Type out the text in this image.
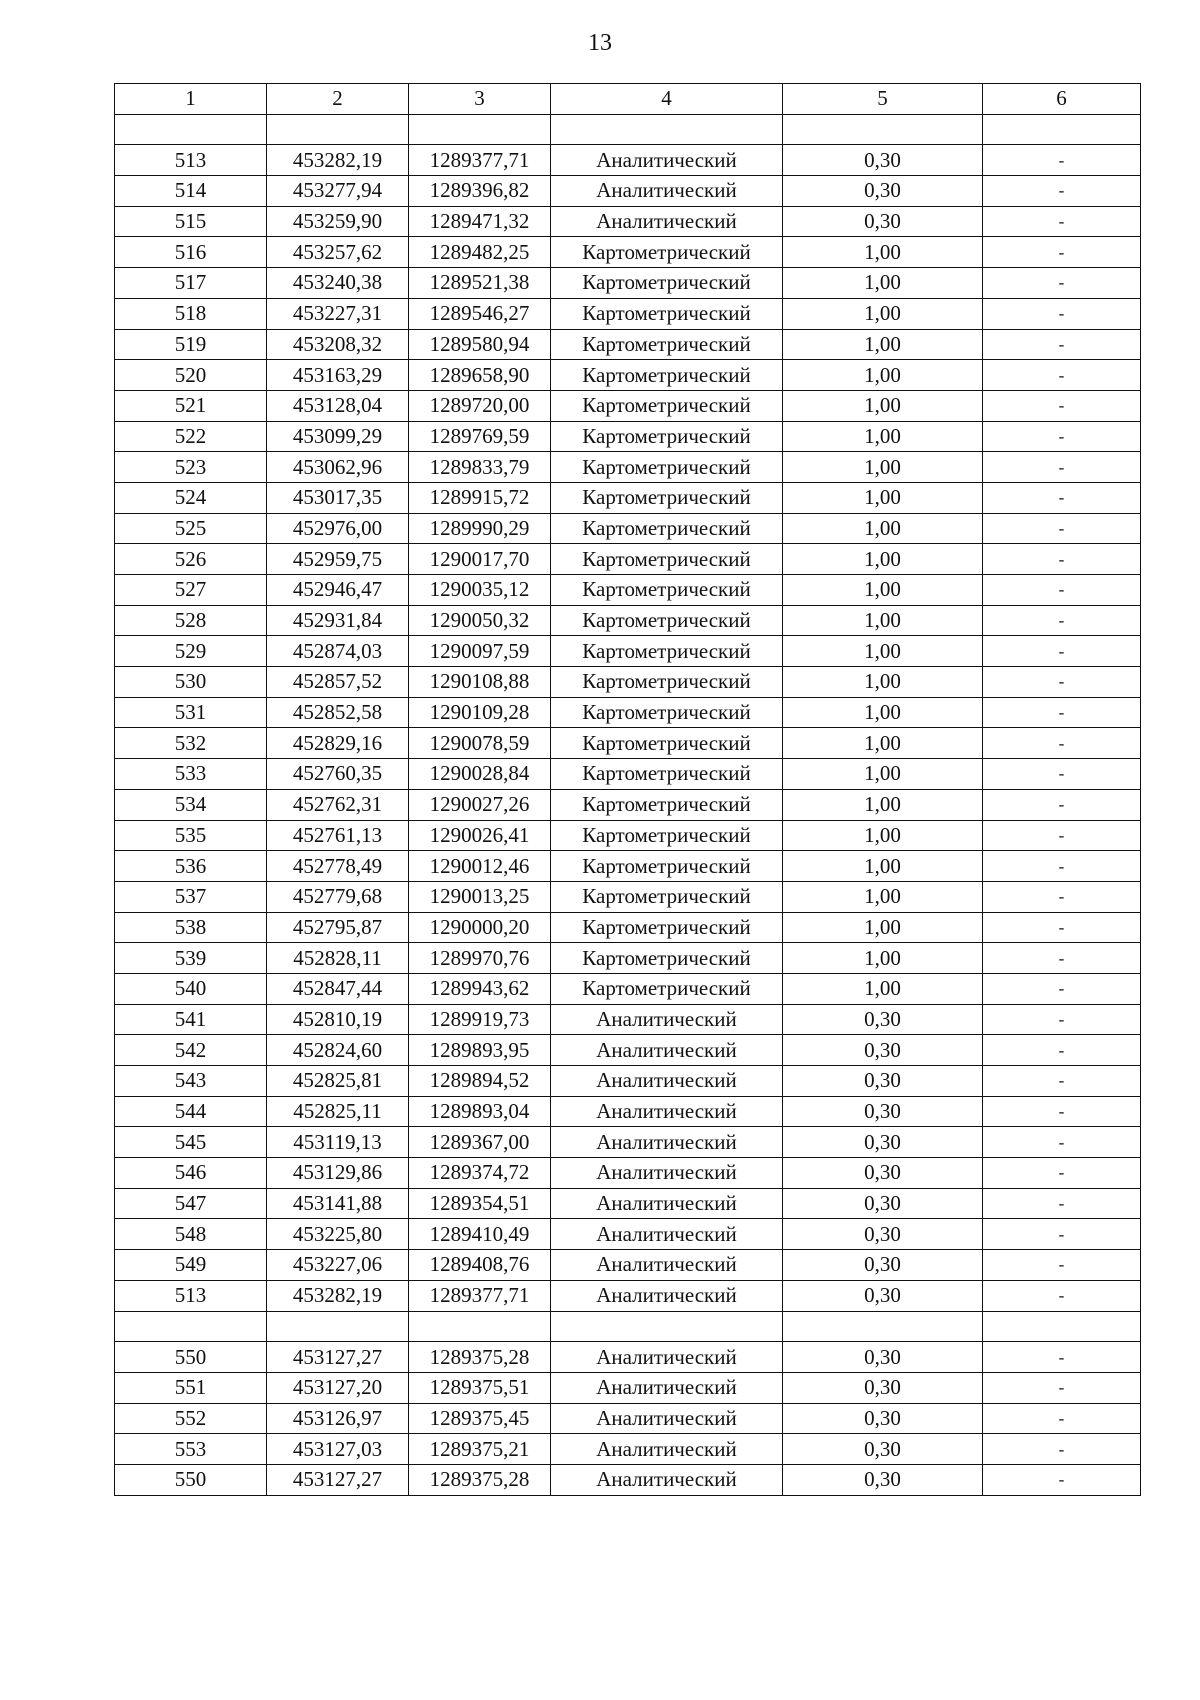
13
1	2	3	4	5	6

513	453282,19	1289377,71	Аналитический	0,30	-
514	453277,94	1289396,82	Аналитический	0,30	-
515	453259,90	1289471,32	Аналитический	0,30	-
516	453257,62	1289482,25	Картометрический	1,00	-
517	453240,38	1289521,38	Картометрический	1,00	-
518	453227,31	1289546,27	Картометрический	1,00	-
519	453208,32	1289580,94	Картометрический	1,00	-
520	453163,29	1289658,90	Картометрический	1,00	-
521	453128,04	1289720,00	Картометрический	1,00	-
522	453099,29	1289769,59	Картометрический	1,00	-
523	453062,96	1289833,79	Картометрический	1,00	-
524	453017,35	1289915,72	Картометрический	1,00	-
525	452976,00	1289990,29	Картометрический	1,00	-
526	452959,75	1290017,70	Картометрический	1,00	-
527	452946,47	1290035,12	Картометрический	1,00	-
528	452931,84	1290050,32	Картометрический	1,00	-
529	452874,03	1290097,59	Картометрический	1,00	-
530	452857,52	1290108,88	Картометрический	1,00	-
531	452852,58	1290109,28	Картометрический	1,00	-
532	452829,16	1290078,59	Картометрический	1,00	-
533	452760,35	1290028,84	Картометрический	1,00	-
534	452762,31	1290027,26	Картометрический	1,00	-
535	452761,13	1290026,41	Картометрический	1,00	-
536	452778,49	1290012,46	Картометрический	1,00	-
537	452779,68	1290013,25	Картометрический	1,00	-
538	452795,87	1290000,20	Картометрический	1,00	-
539	452828,11	1289970,76	Картометрический	1,00	-
540	452847,44	1289943,62	Картометрический	1,00	-
541	452810,19	1289919,73	Аналитический	0,30	-
542	452824,60	1289893,95	Аналитический	0,30	-
543	452825,81	1289894,52	Аналитический	0,30	-
544	452825,11	1289893,04	Аналитический	0,30	-
545	453119,13	1289367,00	Аналитический	0,30	-
546	453129,86	1289374,72	Аналитический	0,30	-
547	453141,88	1289354,51	Аналитический	0,30	-
548	453225,80	1289410,49	Аналитический	0,30	-
549	453227,06	1289408,76	Аналитический	0,30	-
513	453282,19	1289377,71	Аналитический	0,30	-

550	453127,27	1289375,28	Аналитический	0,30	-
551	453127,20	1289375,51	Аналитический	0,30	-
552	453126,97	1289375,45	Аналитический	0,30	-
553	453127,03	1289375,21	Аналитический	0,30	-
550	453127,27	1289375,28	Аналитический	0,30	-
